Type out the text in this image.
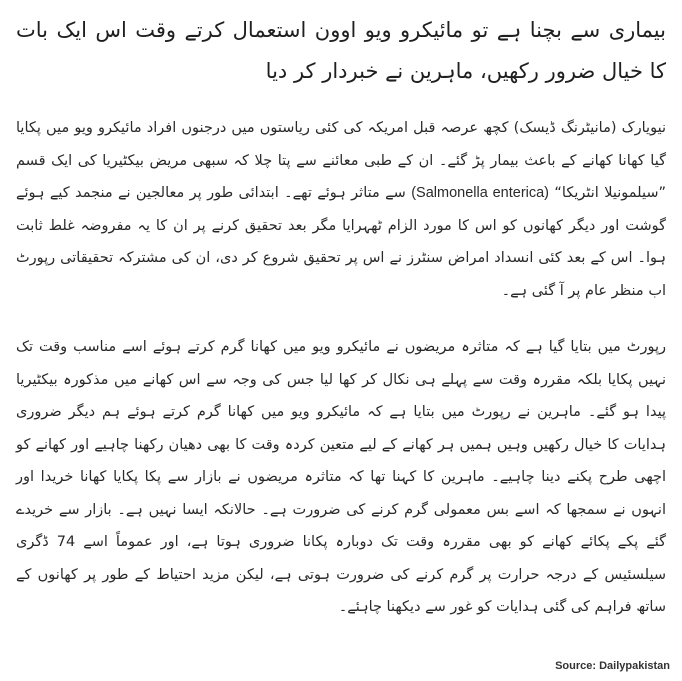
بیماری سے بچنا ہے تو مائیکرو ویو اوون استعمال کرتے وقت اس ایک بات کا خیال ضرور رکھیں، ماہرین نے خبردار کر دیا

نیویارک (مانیٹرنگ ڈیسک) کچھ عرصہ قبل امریکہ کی کئی ریاستوں میں درجنوں افراد مائیکرو ویو میں پکایا گیا کھانا کھانے کے باعث بیمار پڑ گئے۔ ان کے طبی معائنے سے پتا چلا کہ سبھی مریض بیکٹیریا کی ایک قسم ”سیلمونیلا انٹریکا“ (Salmonella enterica) سے متاثر ہوئے تھے۔ ابتدائی طور پر معالجین نے منجمد کیے ہوئے گوشت اور دیگر کھانوں کو اس کا مورد الزام ٹھہرایا مگر بعد تحقیق کرنے پر ان کا یہ مفروضہ غلط ثابت ہوا۔ اس کے بعد کئی انسداد امراض سنٹرز نے اس پر تحقیق شروع کر دی، ان کی مشترکہ تحقیقاتی رپورٹ اب منظر عام پر آ گئی ہے۔

رپورٹ میں بتایا گیا ہے کہ متاثرہ مریضوں نے مائیکرو ویو میں کھانا گرم کرتے ہوئے اسے مناسب وقت تک نہیں پکایا بلکہ مقررہ وقت سے پہلے ہی نکال کر کھا لیا جس کی وجہ سے اس کھانے میں مذکورہ بیکٹیریا پیدا ہو گئے۔ ماہرین نے رپورٹ میں بتایا ہے کہ مائیکرو ویو میں کھانا گرم کرتے ہوئے ہم دیگر ضروری ہدایات کا خیال رکھیں وہیں ہمیں ہر کھانے کے لیے متعین کردہ وقت کا بھی دھیان رکھنا چاہیے اور کھانے کو اچھی طرح پکنے دینا چاہیے۔ ماہرین کا کہنا تھا کہ متاثرہ مریضوں نے بازار سے پکا پکایا کھانا خریدا اور انہوں نے سمجھا کہ اسے بس معمولی گرم کرنے کی ضرورت ہے۔ حالانکہ ایسا نہیں ہے۔ بازار سے خریدے گئے پکے پکائے کھانے کو بھی مقررہ وقت تک دوبارہ پکانا ضروری ہوتا ہے، اور عموماً اسے 74 ڈگری سیلسئیس کے درجہ حرارت پر گرم کرنے کی ضرورت ہوتی ہے، لیکن مزید احتیاط کے طور پر کھانوں کے ساتھ فراہم کی گئی ہدایات کو غور سے دیکھنا چاہئے۔

Source: Dailypakistan
